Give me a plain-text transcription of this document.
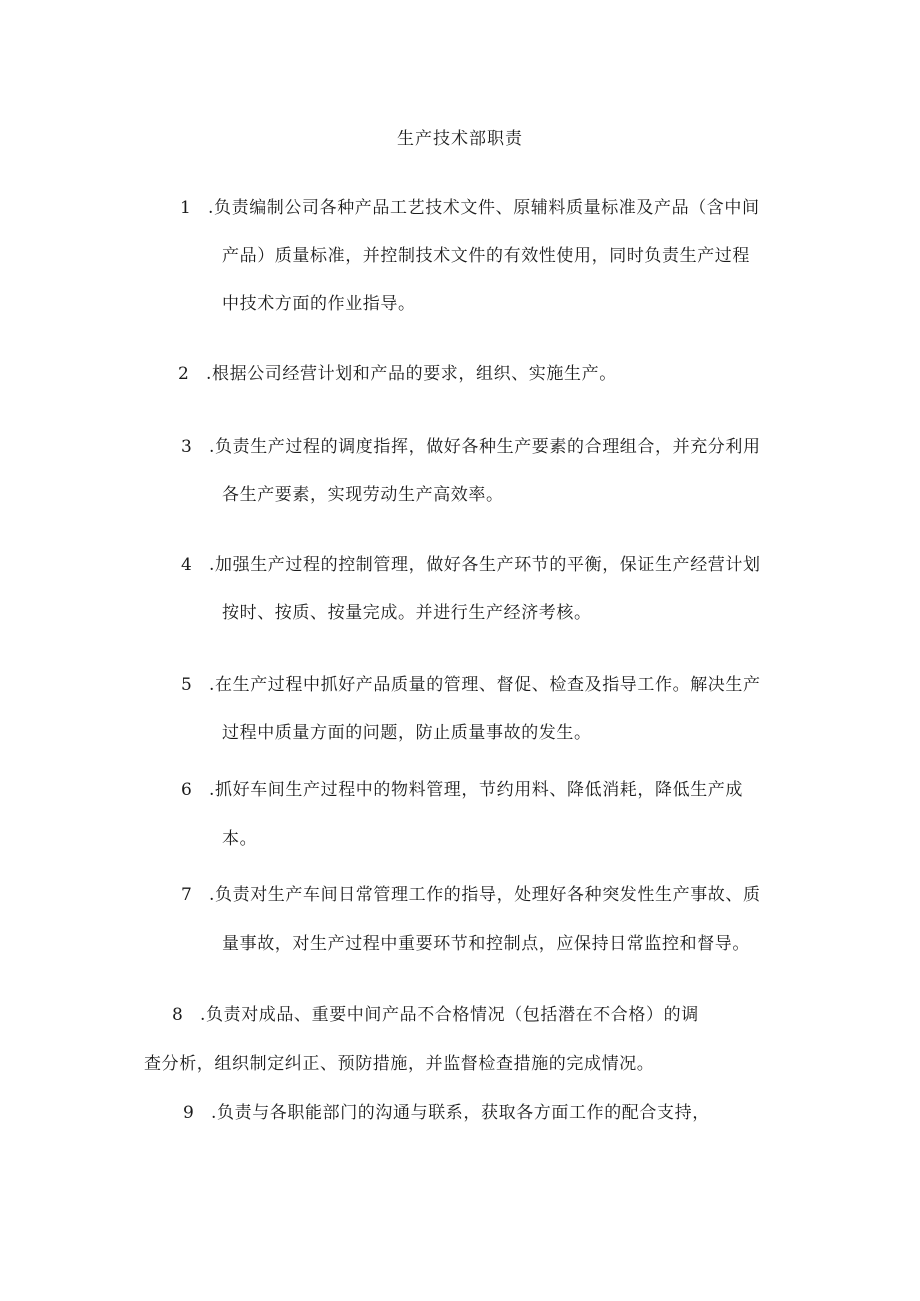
生产技术部职责
1 .负责编制公司各种产品工艺技术文件、原辅料质量标准及产品（含中间
产品）质量标准，并控制技术文件的有效性使用，同时负责生产过程
中技术方面的作业指导。
2 .根据公司经营计划和产品的要求，组织、实施生产。
3 .负责生产过程的调度指挥，做好各种生产要素的合理组合，并充分利用
各生产要素，实现劳动生产高效率。
4 .加强生产过程的控制管理，做好各生产环节的平衡，保证生产经营计划
按时、按质、按量完成。并进行生产经济考核。
5 .在生产过程中抓好产品质量的管理、督促、检查及指导工作。解决生产
过程中质量方面的问题，防止质量事故的发生。
6 .抓好车间生产过程中的物料管理，节约用料、降低消耗，降低生产成
本。
7 .负责对生产车间日常管理工作的指导，处理好各种突发性生产事故、质
量事故，对生产过程中重要环节和控制点，应保持日常监控和督导。
8 .负责对成品、重要中间产品不合格情况（包括潜在不合格）的调
查分析，组织制定纠正、预防措施，并监督检查措施的完成情况。
9 .负责与各职能部门的沟通与联系，获取各方面工作的配合支持，
